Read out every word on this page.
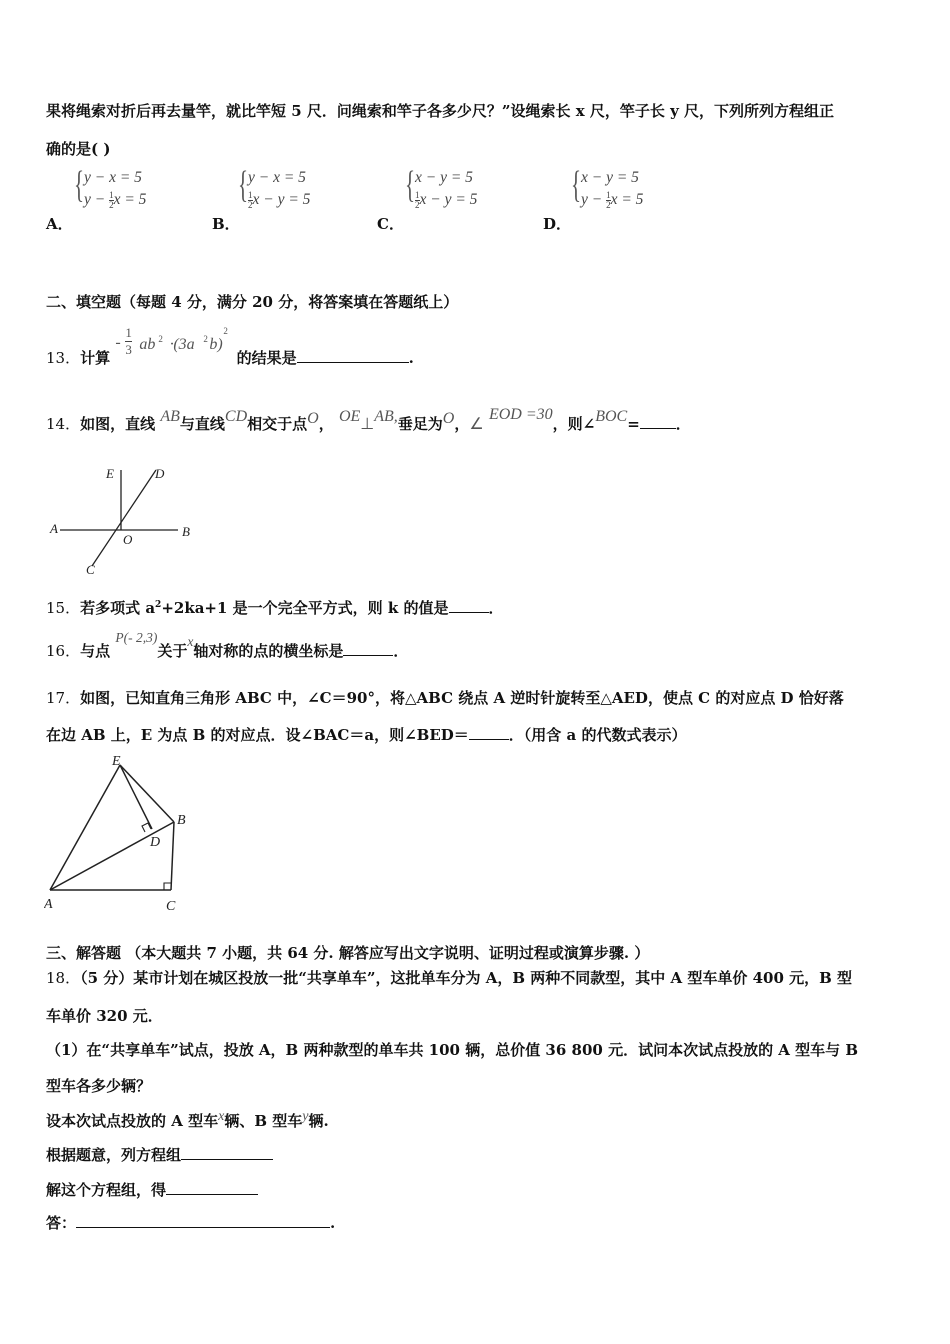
果将绳索对折后再去量竿，就比竿短 5 尺．问绳索和竿子各多少尺？”设绳索长 x 尺，竿子长 y 尺，下列所列方程组正
确的是( )
A．
{ y − x = 5
$y - \frac{1}{2}$ x = 5
B．
{ y − x = 5
$\frac{1}{2}$ x − y = 5
C．
{ x − y = 5
$\frac{1}{2}$ x − y = 5
D．
{ x − y = 5
$y - \frac{1}{2}$ x = 5
二、填空题（每题 4 分，满分 20 分，将答案填在答题纸上）
13．计算
- $\frac{1}{3}$ ab 2 ·
(3a 2 b)
2
的结果是	.
14．如图，直线 AB与直线CD相交于点O， OE⊥AB,垂足为O，∠ EOD =30，则∠BOC= ．
A	B
C
D
E
O
15．若多项式 $a^2+2ka+1$ 是一个完全平方式，则 k 的值是	．
16．与点 P(- 2,3)关于x轴对称的点的横坐标是	．
17．如图，已知直角三角形 ABC 中，∠C＝90°，将△ABC 绕点 A 逆时针旋转至△AED，使点 C 的对应点 D 恰好落
在边 AB 上，E 为点 B 的对应点．设∠BAC＝a，则∠BED＝	．（用含 a 的代数式表示）
A
B
C
D
E
三、解答题 （本大题共 7 小题，共 64 分. 解答应写出文字说明、证明过程或演算步骤. ）
18．（5 分）某市计划在城区投放一批“共享单车”，这批单车分为 A，B 两种不同款型，其中 A 型车单价 400 元，B 型
车单价 320 元．
（1）在“共享单车”试点，投放 A，B 两种款型的单车共 100 辆，总价值 36 800 元．试问本次试点投放的 A 型车与 B
型车各多少辆？
设本次试点投放的 A 型车x辆、B 型车y辆.
根据题意，列方程组
解这个方程组，得
答：	.
